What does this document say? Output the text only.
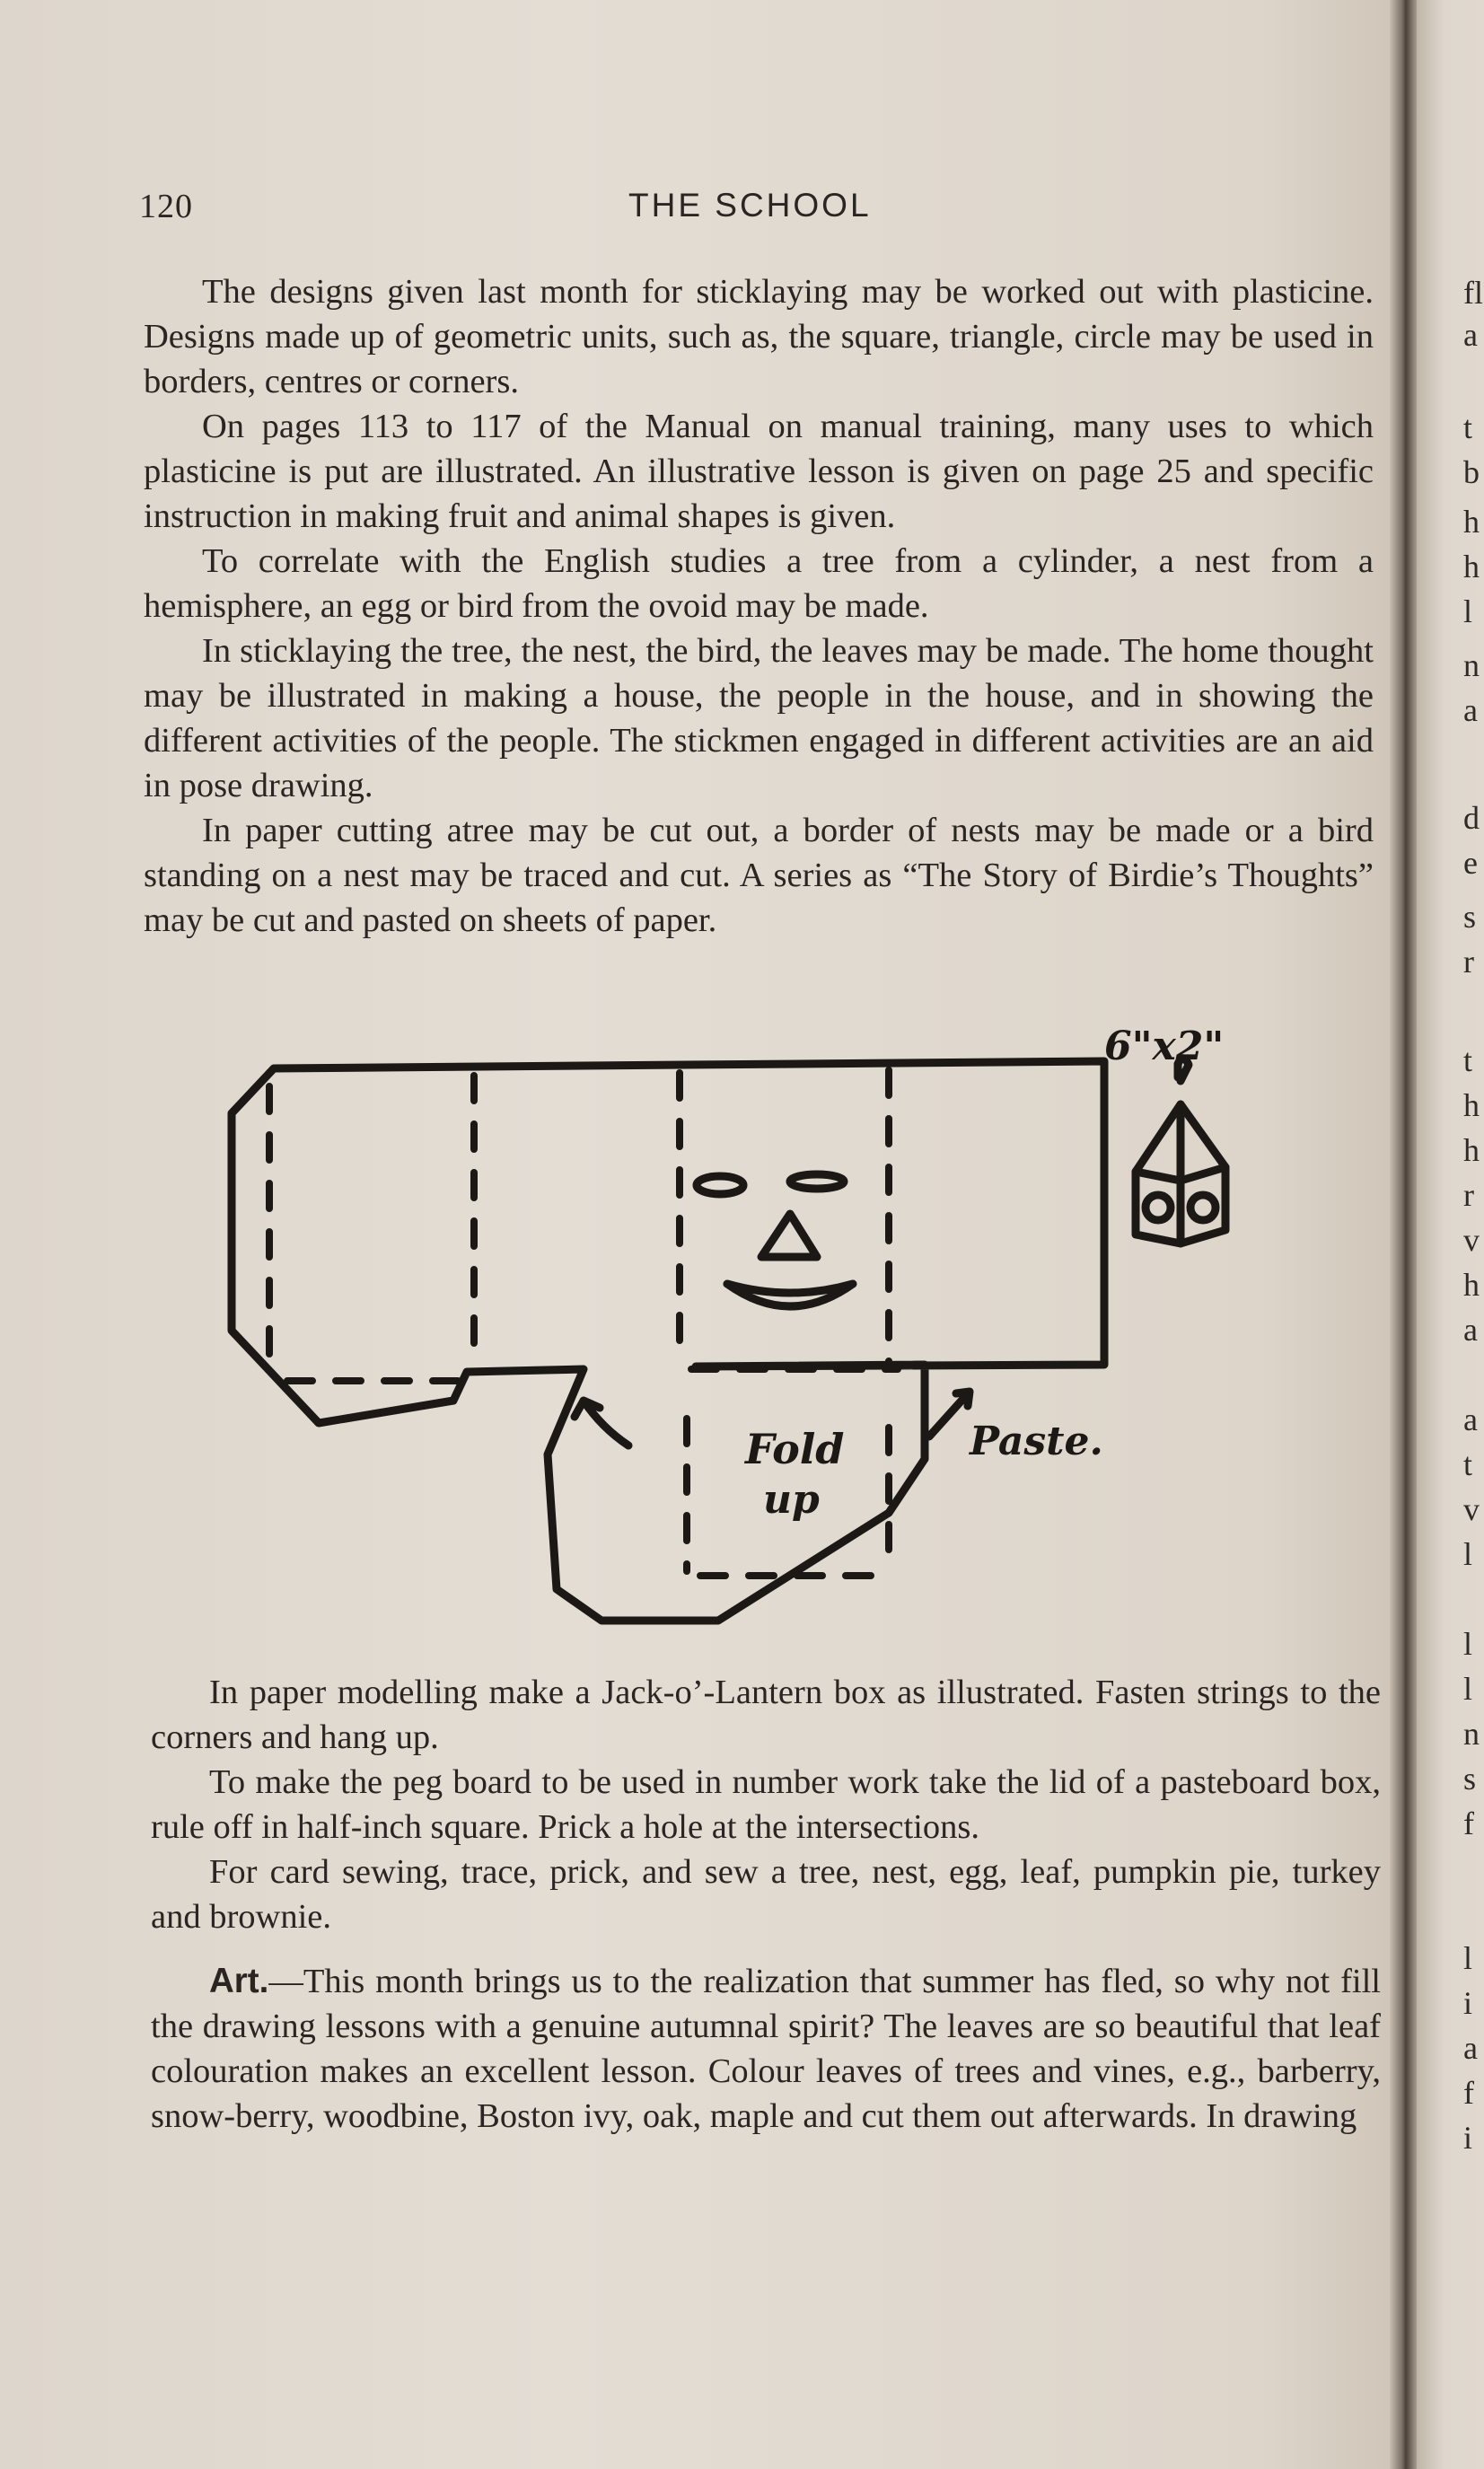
120	THE SCHOOL

The designs given last month for sticklaying may be worked out with plasticine. Designs made up of geometric units, such as, the square, triangle, circle may be used in borders, centres or corners.

On pages 113 to 117 of the Manual on manual training, many uses to which plasticine is put are illustrated. An illustrative lesson is given on page 25 and specific instruction in making fruit and animal shapes is given.

To correlate with the English studies a tree from a cylinder, a nest from a hemisphere, an egg or bird from the ovoid may be made.

In sticklaying the tree, the nest, the bird, the leaves may be made. The home thought may be illustrated in making a house, the people in the house, and in showing the different activities of the people. The stickmen engaged in different activities are an aid in pose drawing.

In paper cutting atree may be cut out, a border of nests may be made or a bird standing on a nest may be traced and cut. A series as “The Story of Birdie’s Thoughts” may be cut and pasted on sheets of paper.

6"x2"
Fold
up
Paste.

In paper modelling make a Jack-o’-Lantern box as illustrated. Fasten strings to the corners and hang up.

To make the peg board to be used in number work take the lid of a pasteboard box, rule off in half-inch square. Prick a hole at the intersections.

For card sewing, trace, prick, and sew a tree, nest, egg, leaf, pumpkin pie, turkey and brownie.

Art.—This month brings us to the realization that summer has fled, so why not fill the drawing lessons with a genuine autumnal spirit? The leaves are so beautiful that leaf colouration makes an excellent lesson. Colour leaves of trees and vines, e.g., barberry, snow-berry, woodbine, Boston ivy, oak, maple and cut them out afterwards. In drawing

fl
a
t
b
h
h
l
n
a
d
e
s
r
t
h
h
r
v
h
a
a
t
v
l
l
l
n
s
f
l
i
a
f
i
